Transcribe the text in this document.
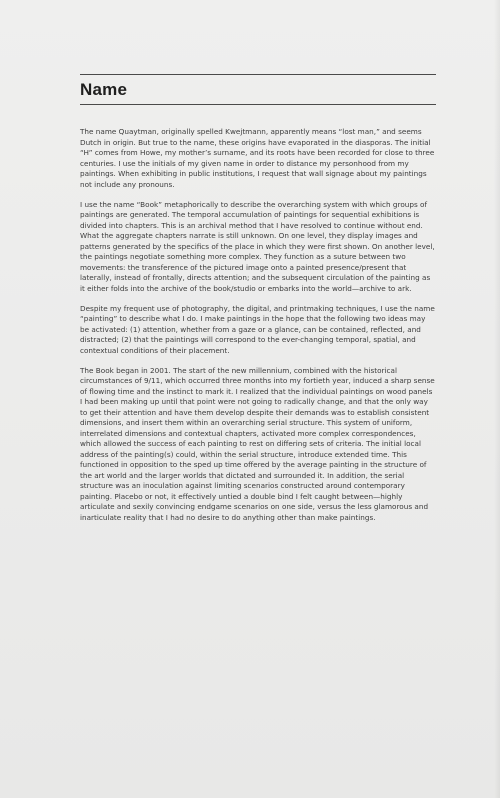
Name

The name Quaytman, originally spelled Kwejtmann, apparently means “lost man,” and seems Dutch in origin. But true to the name, these origins have evaporated in the diasporas. The initial “H” comes from Howe, my mother’s surname, and its roots have been recorded for close to three centuries. I use the initials of my given name in order to distance my personhood from my paintings. When exhibiting in public institutions, I request that wall signage about my paintings not include any pronouns.

I use the name “Book” metaphorically to describe the overarching system with which groups of paintings are generated. The temporal accumulation of paintings for sequential exhibitions is divided into chapters. This is an archival method that I have resolved to continue without end. What the aggregate chapters narrate is still unknown. On one level, they display images and patterns generated by the specifics of the place in which they were first shown. On another level, the paintings negotiate something more complex. They function as a suture between two movements: the transference of the pictured image onto a painted presence/present that laterally, instead of frontally, directs attention; and the subsequent circulation of the painting as it either folds into the archive of the book/studio or embarks into the world—archive to ark.

Despite my frequent use of photography, the digital, and printmaking techniques, I use the name “painting” to describe what I do. I make paintings in the hope that the following two ideas may be activated: (1) attention, whether from a gaze or a glance, can be contained, reflected, and distracted; (2) that the paintings will correspond to the ever-changing temporal, spatial, and contextual conditions of their placement.

The Book began in 2001. The start of the new millennium, combined with the historical circumstances of 9/11, which occurred three months into my fortieth year, induced a sharp sense of flowing time and the instinct to mark it. I realized that the individual paintings on wood panels I had been making up until that point were not going to radically change, and that the only way to get their attention and have them develop despite their demands was to establish consistent dimensions, and insert them within an overarching serial structure. This system of uniform, interrelated dimensions and contextual chapters, activated more complex correspondences, which allowed the success of each painting to rest on differing sets of criteria. The initial local address of the painting(s) could, within the serial structure, introduce extended time. This functioned in opposition to the sped up time offered by the average painting in the structure of the art world and the larger worlds that dictated and surrounded it. In addition, the serial structure was an inoculation against limiting scenarios constructed around contemporary painting. Placebo or not, it effectively untied a double bind I felt caught between—highly articulate and sexily convincing endgame scenarios on one side, versus the less glamorous and inarticulate reality that I had no desire to do anything other than make paintings.
